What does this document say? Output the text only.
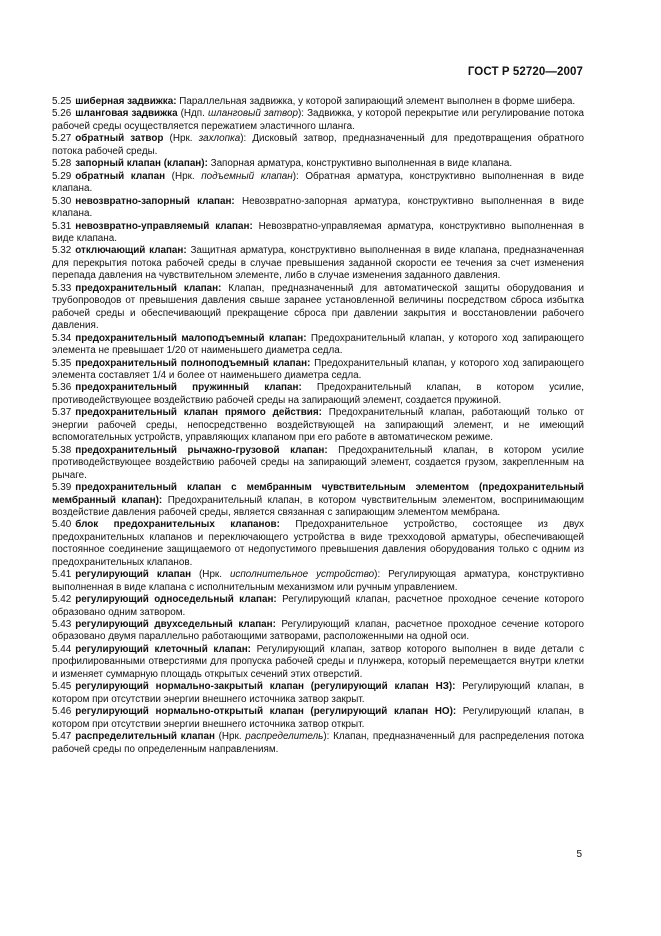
ГОСТ Р 52720—2007

5.25 шиберная задвижка: Параллельная задвижка, у которой запирающий элемент выполнен в форме шибера.

5.26 шланговая задвижка (Ндп. шланговый затвор): Задвижка, у которой перекрытие или регулирование потока рабочей среды осуществляется пережатием эластичного шланга.

5.27 обратный затвор (Нрк. захлопка): Дисковый затвор, предназначенный для предотвращения обратного потока рабочей среды.

5.28 запорный клапан (клапан): Запорная арматура, конструктивно выполненная в виде клапана.

5.29 обратный клапан (Нрк. подъемный клапан): Обратная арматура, конструктивно выполненная в виде клапана.

5.30 невозвратно-запорный клапан: Невозвратно-запорная арматура, конструктивно выполненная в виде клапана.

5.31 невозвратно-управляемый клапан: Невозвратно-управляемая арматура, конструктивно выполненная в виде клапана.

5.32 отключающий клапан: Защитная арматура, конструктивно выполненная в виде клапана, предназначенная для перекрытия потока рабочей среды в случае превышения заданной скорости ее течения за счет изменения перепада давления на чувствительном элементе, либо в случае изменения заданного давления.

5.33 предохранительный клапан: Клапан, предназначенный для автоматической защиты оборудования и трубопроводов от превышения давления свыше заранее установленной величины посредством сброса избытка рабочей среды и обеспечивающий прекращение сброса при давлении закрытия и восстановлении рабочего давления.

5.34 предохранительный малоподъемный клапан: Предохранительный клапан, у которого ход запирающего элемента не превышает 1/20 от наименьшего диаметра седла.

5.35 предохранительный полноподъемный клапан: Предохранительный клапан, у которого ход запирающего элемента составляет 1/4 и более от наименьшего диаметра седла.

5.36 предохранительный пружинный клапан: Предохранительный клапан, в котором усилие, противодействующее воздействию рабочей среды на запирающий элемент, создается пружиной.

5.37 предохранительный клапан прямого действия: Предохранительный клапан, работающий только от энергии рабочей среды, непосредственно воздействующей на запирающий элемент, и не имеющий вспомогательных устройств, управляющих клапаном при его работе в автоматическом режиме.

5.38 предохранительный рычажно-грузовой клапан: Предохранительный клапан, в котором усилие противодействующее воздействию рабочей среды на запирающий элемент, создается грузом, закрепленным на рычаге.

5.39 предохранительный клапан с мембранным чувствительным элементом (предохранительный мембранный клапан): Предохранительный клапан, в котором чувствительным элементом, воспринимающим воздействие давления рабочей среды, является связанная с запирающим элементом мембрана.

5.40 блок предохранительных клапанов: Предохранительное устройство, состоящее из двух предохранительных клапанов и переключающего устройства в виде трехходовой арматуры, обеспечивающей постоянное соединение защищаемого от недопустимого превышения давления оборудования только с одним из предохранительных клапанов.

5.41 регулирующий клапан (Нрк. исполнительное устройство): Регулирующая арматура, конструктивно выполненная в виде клапана с исполнительным механизмом или ручным управлением.

5.42 регулирующий односедельный клапан: Регулирующий клапан, расчетное проходное сечение которого образовано одним затвором.

5.43 регулирующий двухседельный клапан: Регулирующий клапан, расчетное проходное сечение которого образовано двумя параллельно работающими затворами, расположенными на одной оси.

5.44 регулирующий клеточный клапан: Регулирующий клапан, затвор которого выполнен в виде детали с профилированными отверстиями для пропуска рабочей среды и плунжера, который перемещается внутри клетки и изменяет суммарную площадь открытых сечений этих отверстий.

5.45 регулирующий нормально-закрытый клапан (регулирующий клапан НЗ): Регулирующий клапан, в котором при отсутствии энергии внешнего источника затвор закрыт.

5.46 регулирующий нормально-открытый клапан (регулирующий клапан НО): Регулирующий клапан, в котором при отсутствии энергии внешнего источника затвор открыт.

5.47 распределительный клапан (Нрк. распределитель): Клапан, предназначенный для распределения потока рабочей среды по определенным направлениям.

5
